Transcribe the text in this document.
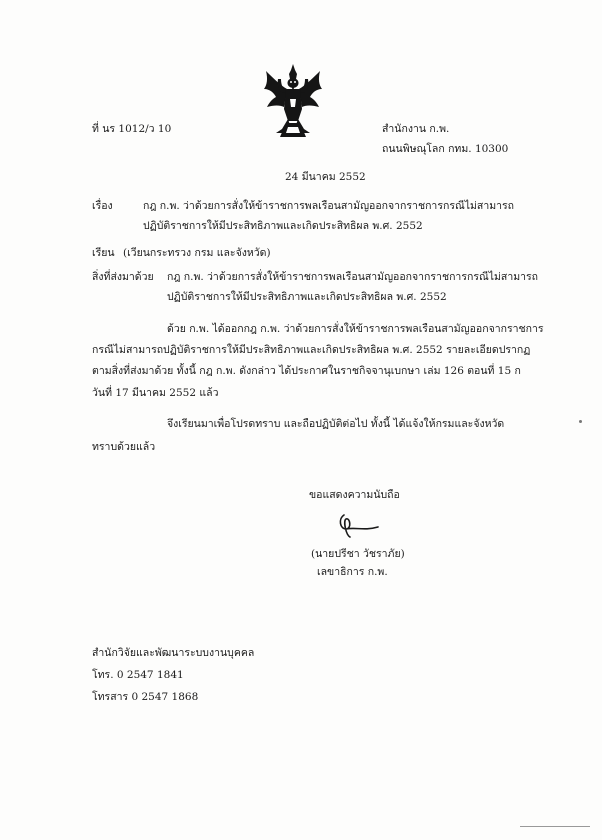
ที่ นร 1012/ว 10	สำนักงาน ก.พ.
ถนนพิษณุโลก กทม. 10300
24 มีนาคม 2552
เรื่อง	กฎ ก.พ. ว่าด้วยการสั่งให้ข้าราชการพลเรือนสามัญออกจากราชการกรณีไม่สามารถ
ปฏิบัติราชการให้มีประสิทธิภาพและเกิดประสิทธิผล พ.ศ. 2552
เรียน (เวียนกระทรวง กรม และจังหวัด)
สิ่งที่ส่งมาด้วย กฎ ก.พ. ว่าด้วยการสั่งให้ข้าราชการพลเรือนสามัญออกจากราชการกรณีไม่สามารถ
ปฏิบัติราชการให้มีประสิทธิภาพและเกิดประสิทธิผล พ.ศ. 2552
ด้วย ก.พ. ได้ออกกฎ ก.พ. ว่าด้วยการสั่งให้ข้าราชการพลเรือนสามัญออกจากราชการ
กรณีไม่สามารถปฏิบัติราชการให้มีประสิทธิภาพและเกิดประสิทธิผล พ.ศ. 2552 รายละเอียดปรากฏ
ตามสิ่งที่ส่งมาด้วย ทั้งนี้ กฎ ก.พ. ดังกล่าว ได้ประกาศในราชกิจจานุเบกษา เล่ม 126 ตอนที่ 15 ก
วันที่ 17 มีนาคม 2552 แล้ว
จึงเรียนมาเพื่อโปรดทราบ และถือปฏิบัติต่อไป ทั้งนี้ ได้แจ้งให้กรมและจังหวัด
ทราบด้วยแล้ว
ขอแสดงความนับถือ
(นายปรีชา วัชราภัย)
เลขาธิการ ก.พ.
สำนักวิจัยและพัฒนาระบบงานบุคคล
โทร. 0 2547 1841
โทรสาร 0 2547 1868
